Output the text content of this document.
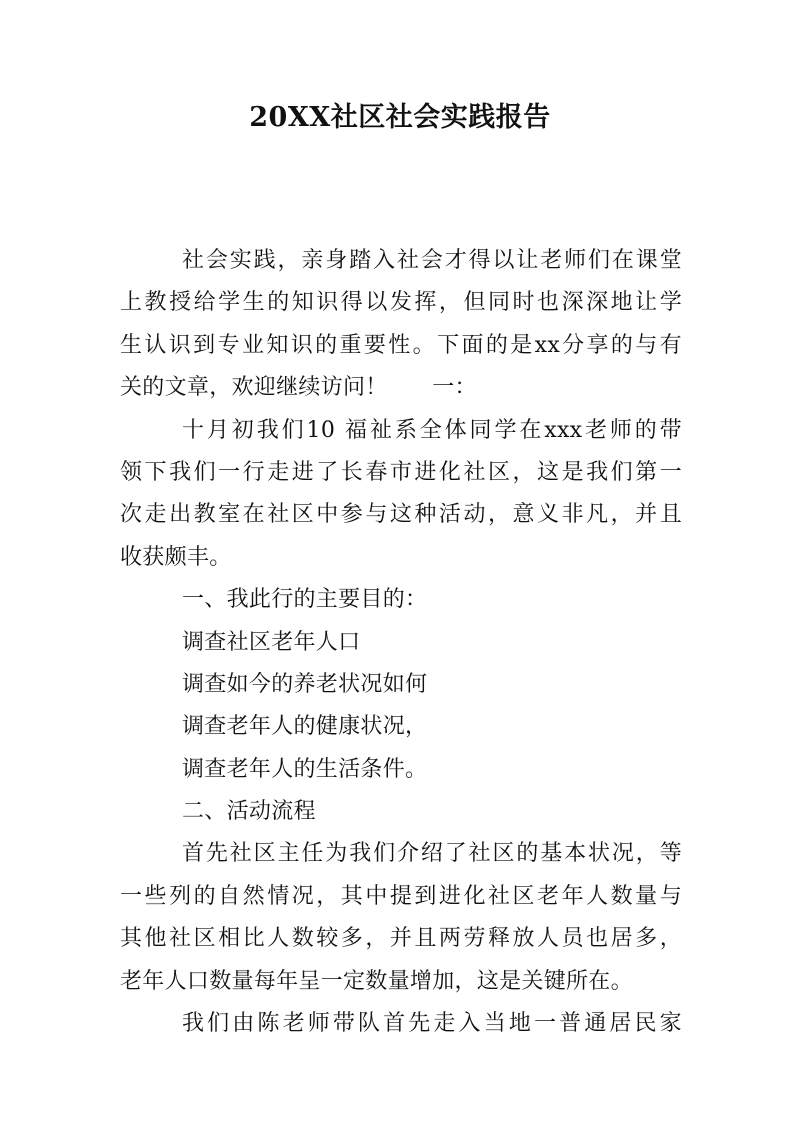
20XX社区社会实践报告
社会实践，亲身踏入社会才得以让老师们在课堂
上教授给学生的知识得以发挥，但同时也深深地让学
生认识到专业知识的重要性。下面的是xx分享的与有
关的文章，欢迎继续访问！　　一：
十月初我们10 福祉系全体同学在xxx老师的带
领下我们一行走进了长春市进化社区，这是我们第一
次走出教室在社区中参与这种活动，意义非凡，并且
收获颇丰。
一、我此行的主要目的：
调查社区老年人口
调查如今的养老状况如何
调查老年人的健康状况，
调查老年人的生活条件。
二、活动流程
首先社区主任为我们介绍了社区的基本状况，等
一些列的自然情况，其中提到进化社区老年人数量与
其他社区相比人数较多，并且两劳释放人员也居多，
老年人口数量每年呈一定数量增加，这是关键所在。
我们由陈老师带队首先走入当地一普通居民家
